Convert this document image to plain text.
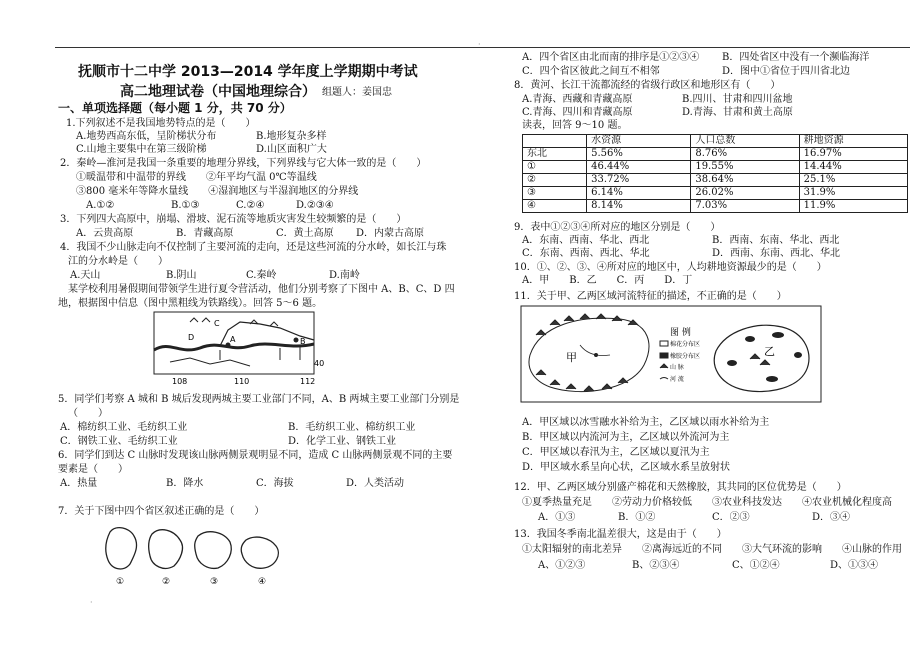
·
抚顺市十二中学 2013—2014 学年度上学期期中考试
高二地理试卷（中国地理综合） 组题人：姜国忠
一、单项选择题（每小题 1 分，共 70 分）
1.下列叙述不是我国地势特点的是（　　）
A.地势西高东低，呈阶梯状分布	B.地形复杂多样
C.山地主要集中在第三级阶梯	D.山区面积广大
2．秦岭—淮河是我国一条重要的地理分界线，下列界线与它大体一致的是（　　）
①暖温带和中温带的界线　　②年平均气温 0℃等温线
③800 毫米年等降水量线　　④湿润地区与半湿润地区的分界线
A.①②	B.①③	C.②④	D.②③④
3．下列四大高原中，崩塌、滑坡、泥石流等地质灾害发生较频繁的是（　　）
A．云贵高原	B．青藏高原	C．黄土高原 D．内蒙古高原
4．我国不少山脉走向不仅控制了主要河流的走向，还是这些河流的分水岭，如长江与珠
江的分水岭是（　　）
A.天山	B.阴山	C.秦岭	D.南岭
某学校利用暑假期间带领学生进行夏令营活动，他们分别考察了下图中 A、B、C、D 四
地，根据图中信息（图中黑粗线为铁路线）。回答 5～6 题。
C
B
D	A
40
108	110	112
5．同学们考察 A 城和 B 城后发现两城主要工业部门不同，A、B 两城主要工业部门分别是
（　　）
A．棉纺织工业、毛纺织工业	B．毛纺织工业、棉纺织工业
C．钢铁工业、毛纺织工业	D．化学工业、钢铁工业
6．同学们到达 C 山脉时发现该山脉两侧景观明显不同，造成 C 山脉两侧景观不同的主要
要素是（　　）
A．热量	B．降水	C．海拔	D．人类活动
7．关于下图中四个省区叙述正确的是（　　）
①	②	③	④
A．四个省区由北而南的排序是①②③④ B．四处省区中没有一个濒临海洋
C．四个省区彼此之间互不相邻	D．图中①省位于四川省北边
8．黄河、长江干流都流经的省级行政区和地形区有（　　）
A.青海、西藏和青藏高原	B.四川、甘肃和四川盆地
C.青海、四川和青藏高原	D.青海、甘肃和黄土高原
读表，回答 9～10 题。
	水资源	人口总数	耕地资源
东北	5.56%	8.76%	16.97%
①	46.44%	19.55%	14.44%
②	33.72%	38.64%	25.1%
③	6.14%	26.02%	31.9%
④	8.14%	7.03%	11.9%
9．表中①②③④所对应的地区分别是（　　）
A．东南、西南、华北、西北	B．西南、东南、华北、西北
C．东南、西南、西北、华北	D．西南、东南、西北、华北
10．①、②、③、④所对应的地区中，人均耕地资源最少的是（　　）
A．甲　　B．乙　　C．丙　　D．丁
11．关于甲、乙两区域河流特征的描述，不正确的是（　　）
甲
图 例
棉花分布区
橡胶分布区
山 脉
河 流
乙
A．甲区域以冰雪融水补给为主，乙区域以雨水补给为主
B．甲区域以内流河为主，乙区域以外流河为主
C．甲区域以春汛为主，乙区域以夏汛为主
D．甲区域水系呈向心状，乙区域水系呈放射状
12．甲、乙两区域分别盛产棉花和天然橡胶，其共同的区位优势是（　　）
①夏季热量充足　　②劳动力价格较低　　③农业科技发达　　④农业机械化程度高
A．①③	B．①②	C．②③	D．③④
13．我国冬季南北温差很大，这是由于（　　）
①太阳辐射的南北差异　　②离海远近的不同　　③大气环流的影响　　④山脉的作用
A、①②③	B、②③④	C、①②④	D、①③④
·
